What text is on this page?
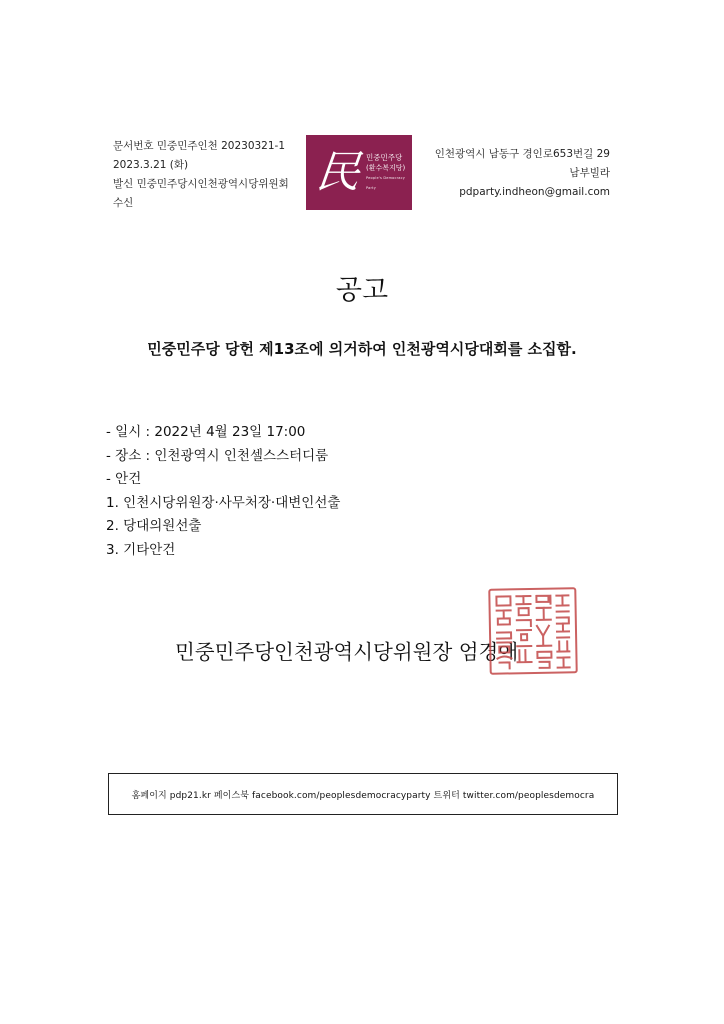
문서번호 민중민주인천 20230321-1
2023.3.21 (화)
발신 민중민주당시인천광역시당위원회
수신
民 민중민주당
(환수복지당)
People's Democracy Party
인천광역시 남동구 경인로653번길 29
남부빌라
pdparty.indheon@gmail.com
공고
민중민주당 당헌 제13조에 의거하여 인천광역시당대회를 소집함.
- 일시 : 2022년 4월 23일 17:00
- 장소 : 인천광역시 인천셀스스터디룸
- 안건
1. 인천시당위원장·사무처장·대변인선출
2. 당대의원선출
3. 기타안건
민중민주당인천광역시당위원장 엄경애
홈페이지 pdp21.kr 페이스북 facebook.com/peoplesdemocracyparty 트위터 twitter.com/peoplesdemocra
